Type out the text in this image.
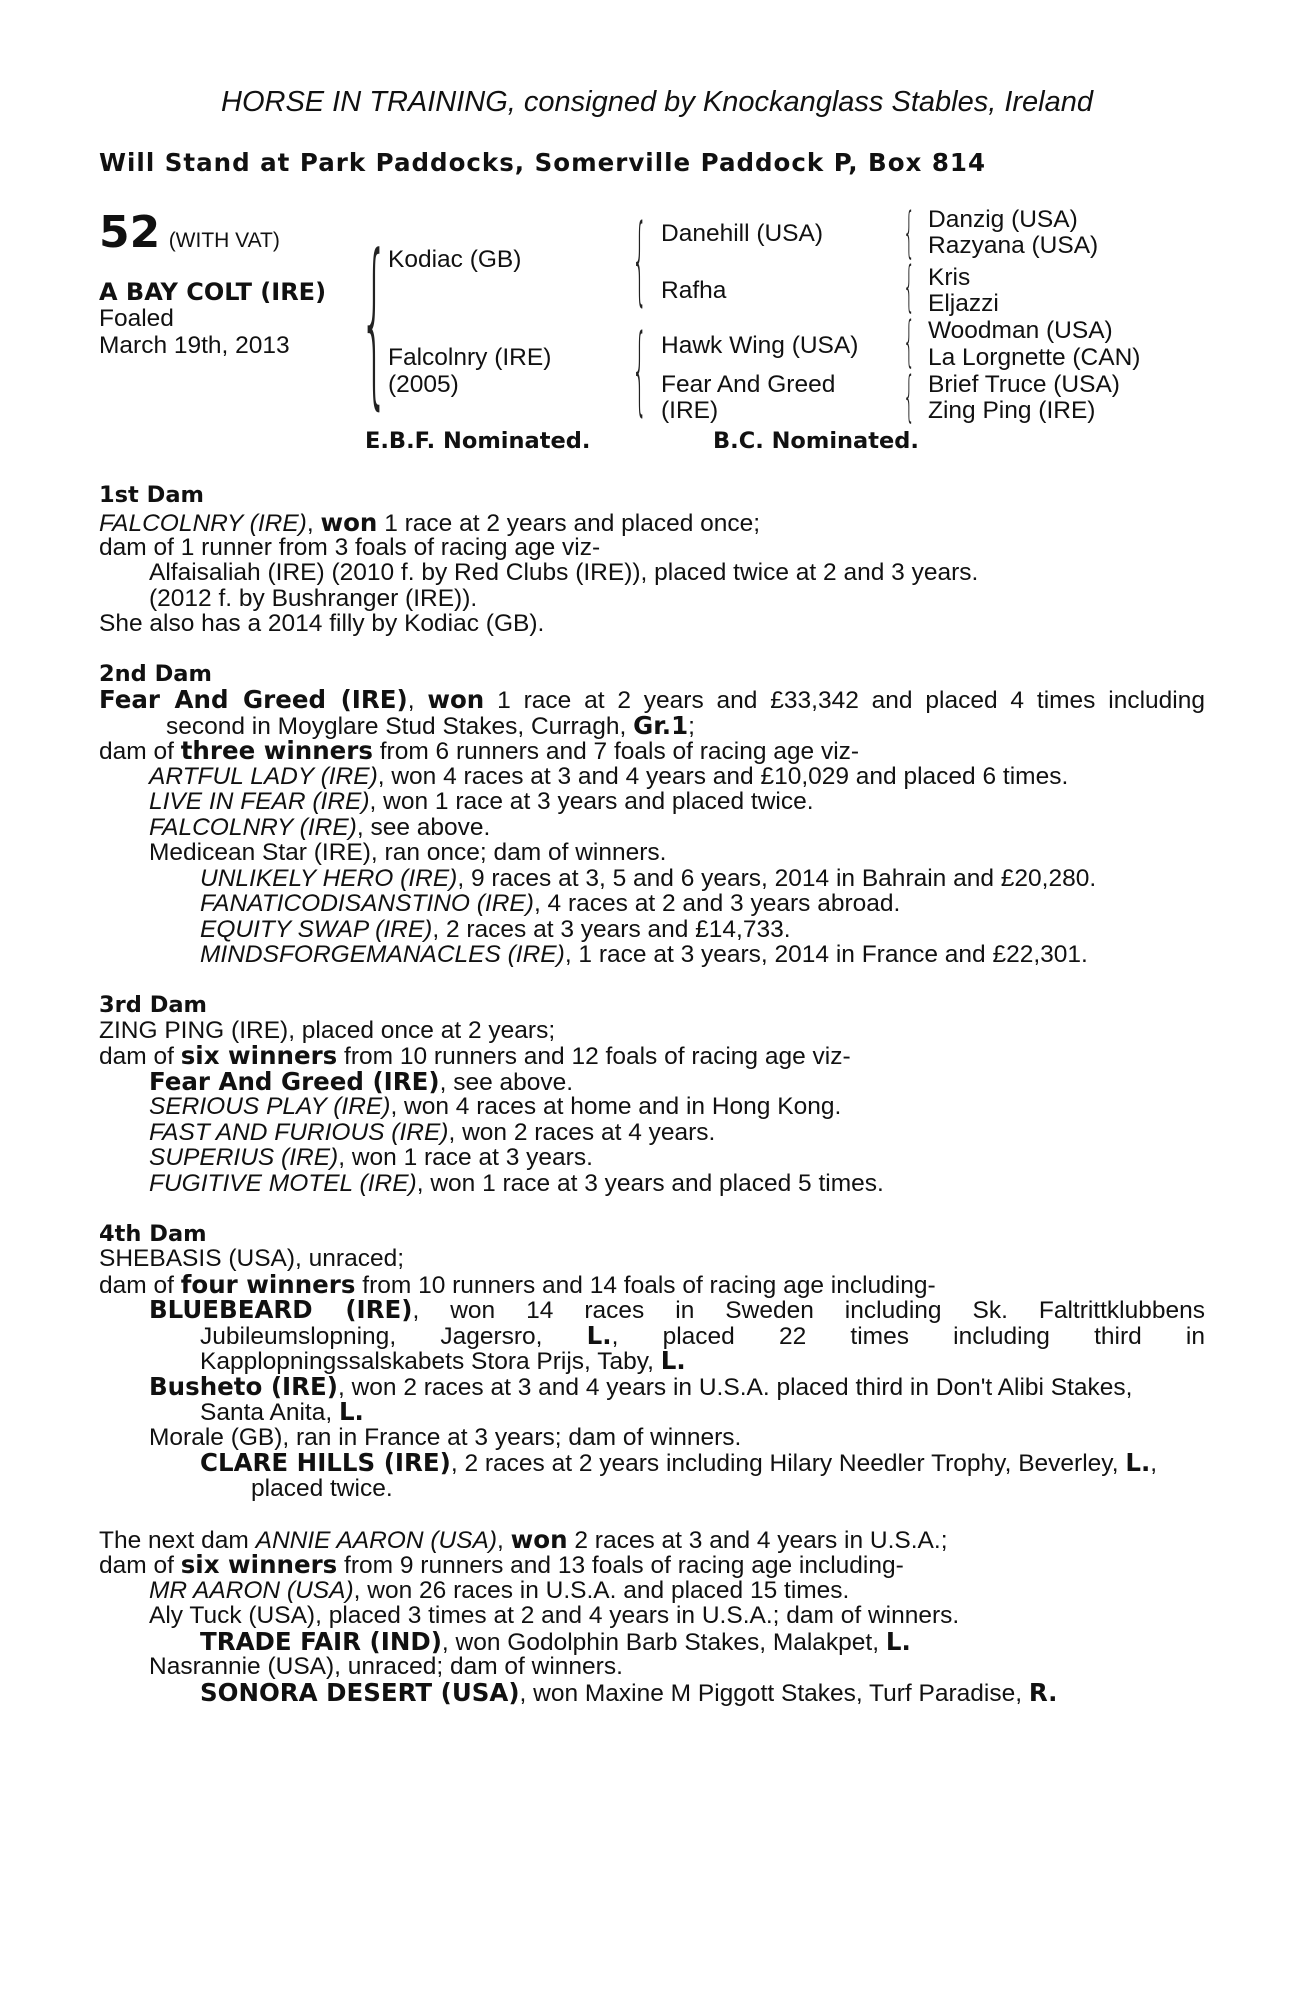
HORSE IN TRAINING, consigned by Knockanglass Stables, Ireland
Will Stand at Park Paddocks, Somerville Paddock P, Box 814
52 (WITH VAT)
A BAY COLT (IRE)
Foaled
March 19th, 2013 {	{
{
{
{
{
{
Kodiac (GB)
Falcolnry (IRE)
(2005)
Danehill (USA)
Rafha
Hawk Wing (USA)
Fear And Greed
(IRE)
Danzig (USA)
Razyana (USA)
Kris
Eljazzi
Woodman (USA)
La Lorgnette (CAN)
Brief Truce (USA)
Zing Ping (IRE)
E.B.F. Nominated.	B.C. Nominated.
1st Dam
FALCOLNRY (IRE), won 1 race at 2 years and placed once;
dam of 1 runner from 3 foals of racing age viz-
Alfaisaliah (IRE) (2010 f. by Red Clubs (IRE)), placed twice at 2 and 3 years.
(2012 f. by Bushranger (IRE)).
She also has a 2014 filly by Kodiac (GB).
2nd Dam
Fear And Greed (IRE), won 1 race at 2 years and £33,342 and placed 4 times including
second in Moyglare Stud Stakes, Curragh, Gr.1;
dam of three winners from 6 runners and 7 foals of racing age viz-
ARTFUL LADY (IRE), won 4 races at 3 and 4 years and £10,029 and placed 6 times.
LIVE IN FEAR (IRE), won 1 race at 3 years and placed twice.
FALCOLNRY (IRE), see above.
Medicean Star (IRE), ran once; dam of winners.
UNLIKELY HERO (IRE), 9 races at 3, 5 and 6 years, 2014 in Bahrain and £20,280.
FANATICODISANSTINO (IRE), 4 races at 2 and 3 years abroad.
EQUITY SWAP (IRE), 2 races at 3 years and £14,733.
MINDSFORGEMANACLES (IRE), 1 race at 3 years, 2014 in France and £22,301.
3rd Dam
ZING PING (IRE), placed once at 2 years;
dam of six winners from 10 runners and 12 foals of racing age viz-
Fear And Greed (IRE), see above.
SERIOUS PLAY (IRE), won 4 races at home and in Hong Kong.
FAST AND FURIOUS (IRE), won 2 races at 4 years.
SUPERIUS (IRE), won 1 race at 3 years.
FUGITIVE MOTEL (IRE), won 1 race at 3 years and placed 5 times.
4th Dam
SHEBASIS (USA), unraced;
dam of four winners from 10 runners and 14 foals of racing age including-
BLUEBEARD (IRE), won 14 races in Sweden including Sk. Faltrittklubbens
Jubileumslopning, Jagersro, L., placed 22 times including third in
Kapplopningssalskabets Stora Prijs, Taby, L.
Busheto (IRE), won 2 races at 3 and 4 years in U.S.A. placed third in Don't Alibi Stakes,
Santa Anita, L.
Morale (GB), ran in France at 3 years; dam of winners.
CLARE HILLS (IRE), 2 races at 2 years including Hilary Needler Trophy, Beverley, L.,
placed twice.
The next dam ANNIE AARON (USA), won 2 races at 3 and 4 years in U.S.A.;
dam of six winners from 9 runners and 13 foals of racing age including-
MR AARON (USA), won 26 races in U.S.A. and placed 15 times.
Aly Tuck (USA), placed 3 times at 2 and 4 years in U.S.A.; dam of winners.
TRADE FAIR (IND), won Godolphin Barb Stakes, Malakpet, L.
Nasrannie (USA), unraced; dam of winners.
SONORA DESERT (USA), won Maxine M Piggott Stakes, Turf Paradise, R.
